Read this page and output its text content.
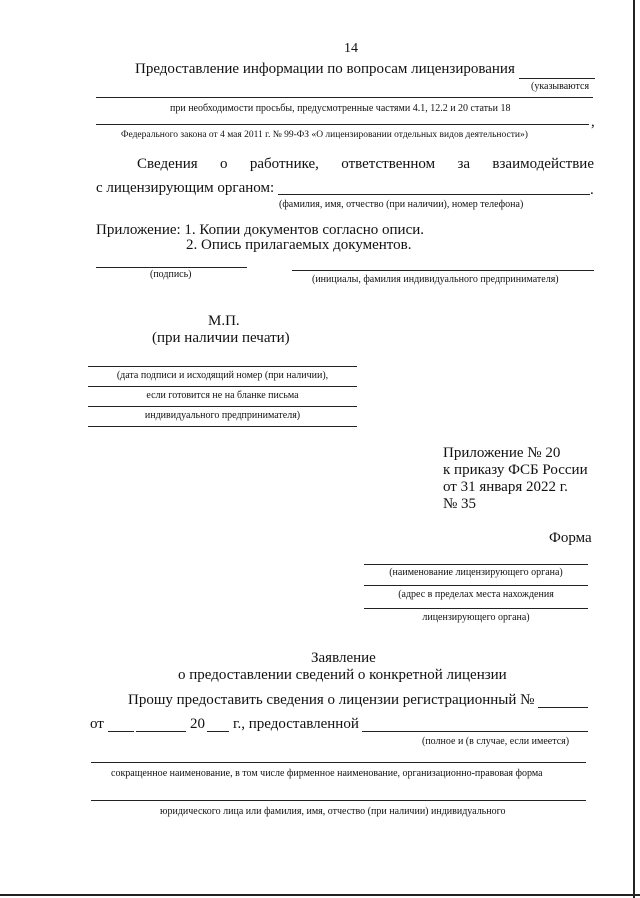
14
Предоставление информации по вопросам лицензирования
(указываются
при необходимости просьбы, предусмотренные частями 4.1, 12.2 и 20 статьи 18
,
Федерального закона от 4 мая 2011 г. № 99-ФЗ «О лицензировании отдельных видов деятельности»)
Сведения о работнике, ответственном за взаимодействие
с лицензирующим органом:	.
(фамилия, имя, отчество (при наличии), номер телефона)
Приложение: 1. Копии документов согласно описи.
2. Опись прилагаемых документов.
(подпись)	(инициалы, фамилия индивидуального предпринимателя)
М.П.
(при наличии печати)
(дата подписи и исходящий номер (при наличии),
если готовится не на бланке письма
индивидуального предпринимателя)
Приложение № 20
к приказу ФСБ России
от 31 января 2022 г.
№ 35
Форма
(наименование лицензирующего органа)
(адрес в пределах места нахождения
лицензирующего органа)
Заявление
о предоставлении сведений о конкретной лицензии
Прошу предоставить сведения о лицензии регистрационный №
от	20 г., предоставленной
(полное и (в случае, если имеется)
сокращенное наименование, в том числе фирменное наименование, организационно-правовая форма
юридического лица или фамилия, имя, отчество (при наличии) индивидуального
